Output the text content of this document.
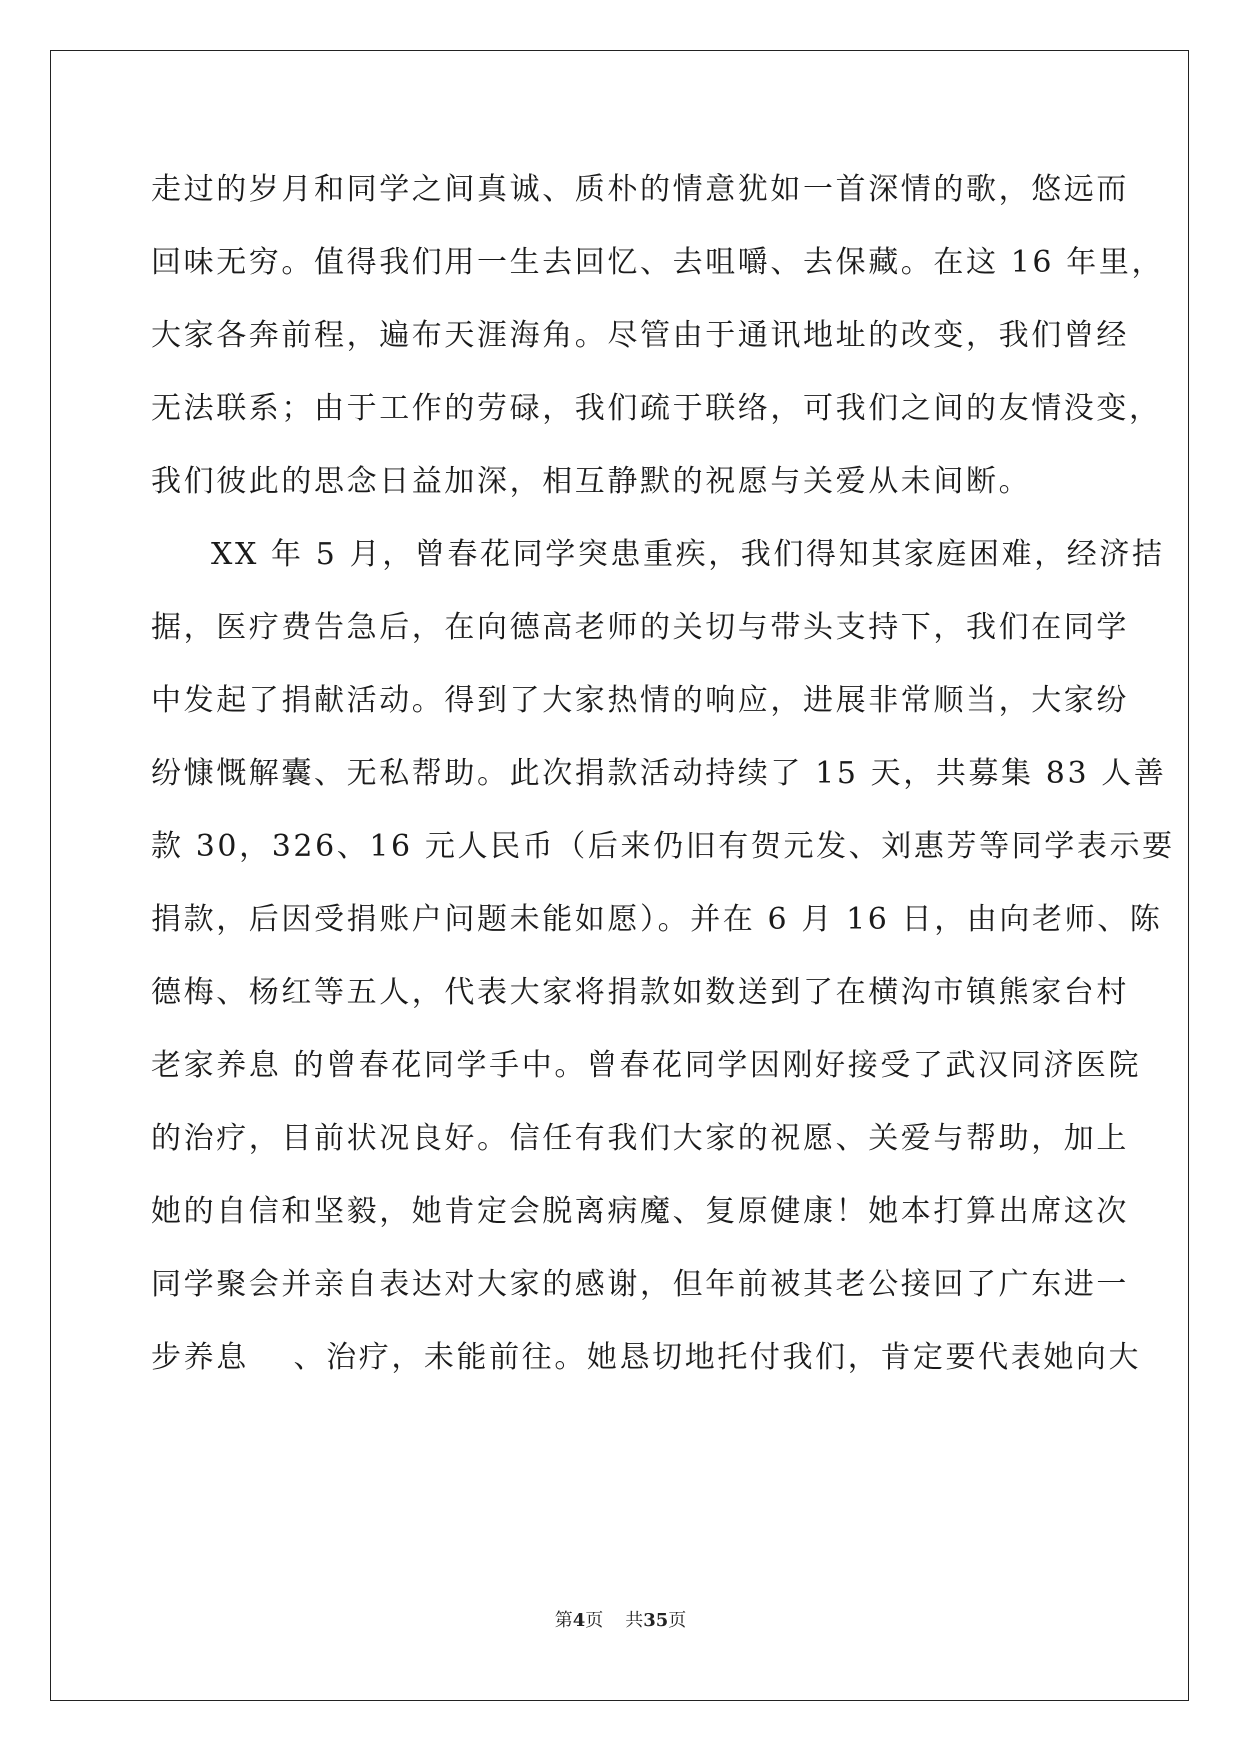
走过的岁月和同学之间真诚、质朴的情意犹如一首深情的歌，悠远而
回味无穷。值得我们用一生去回忆、去咀嚼、去保藏。在这 16 年里，
大家各奔前程，遍布天涯海角。尽管由于通讯地址的改变，我们曾经
无法联系；由于工作的劳碌，我们疏于联络，可我们之间的友情没变，
我们彼此的思念日益加深，相互静默的祝愿与关爱从未间断。
XX 年 5 月，曾春花同学突患重疾，我们得知其家庭困难，经济拮
据，医疗费告急后，在向德高老师的关切与带头支持下，我们在同学
中发起了捐献活动。得到了大家热情的响应，进展非常顺当，大家纷
纷慷慨解囊、无私帮助。此次捐款活动持续了 15 天，共募集 83 人善
款 30，326、16 元人民币（后来仍旧有贺元发、刘惠芳等同学表示要
捐款，后因受捐账户问题未能如愿）。并在 6 月 16 日，由向老师、陈
德梅、杨红等五人，代表大家将捐款如数送到了在横沟市镇熊家台村
老家养息 的曾春花同学手中。曾春花同学因刚好接受了武汉同济医院
的治疗，目前状况良好。信任有我们大家的祝愿、关爱与帮助，加上
她的自信和坚毅，她肯定会脱离病魔、复原健康！她本打算出席这次
同学聚会并亲自表达对大家的感谢，但年前被其老公接回了广东进一
步养息　 、治疗，未能前往。她恳切地托付我们，肯定要代表她向大
第4页 共35页
